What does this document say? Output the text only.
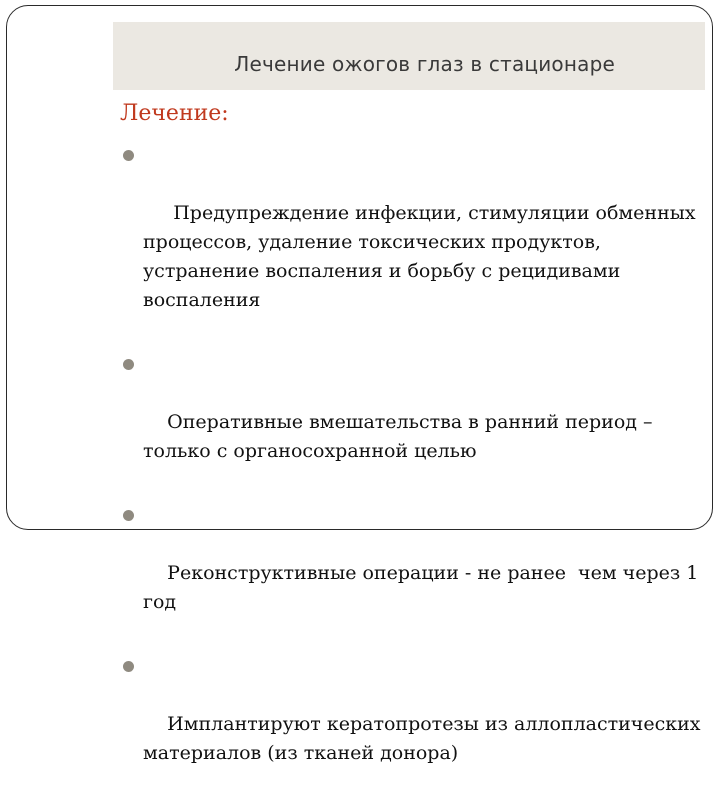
Лечение ожогов глаз в стационаре
Лечение:

Предупреждение инфекции, стимуляции обменных процессов, удаление токсических продуктов, устранение воспаления и борьбу с рецидивами воспаления

Оперативные вмешательства в ранний период – только с органосохранной целью

Реконструктивные операции - не ранее  чем через 1 год

Имплантируют кератопротезы из аллопластических материалов (из тканей донора)
